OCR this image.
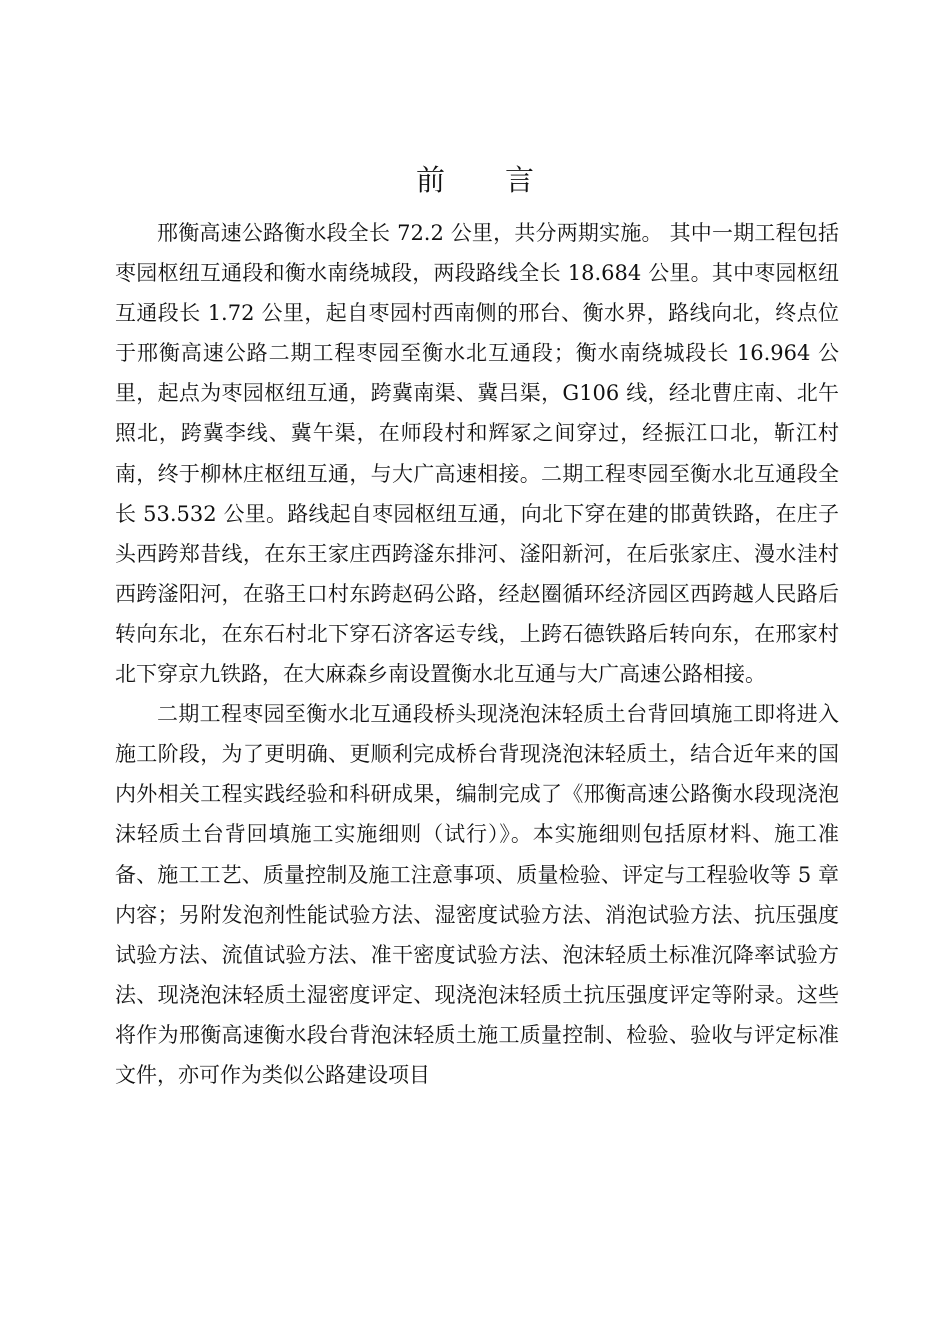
前 言

邢衡高速公路衡水段全长 72.2 公里，共分两期实施。 其中一期工程包括枣园枢纽互通段和衡水南绕城段，两段路线全长 18.684 公里。其中枣园枢纽互通段长 1.72 公里，起自枣园村西南侧的邢台、衡水界，路线向北，终点位于邢衡高速公路二期工程枣园至衡水北互通段；衡水南绕城段长 16.964 公里，起点为枣园枢纽互通，跨冀南渠、冀吕渠，G106 线，经北曹庄南、北午照北，跨冀李线、冀午渠，在师段村和辉冢之间穿过，经振江口北，靳江村南，终于柳林庄枢纽互通，与大广高速相接。二期工程枣园至衡水北互通段全长 53.532 公里。路线起自枣园枢纽互通，向北下穿在建的邯黄铁路，在庄子头西跨郑昔线，在东王家庄西跨滏东排河、滏阳新河，在后张家庄、漫水洼村西跨滏阳河，在骆王口村东跨赵码公路，经赵圈循环经济园区西跨越人民路后转向东北，在东石村北下穿石济客运专线，上跨石德铁路后转向东，在邢家村北下穿京九铁路，在大麻森乡南设置衡水北互通与大广高速公路相接。

二期工程枣园至衡水北互通段桥头现浇泡沫轻质土台背回填施工即将进入施工阶段，为了更明确、更顺利完成桥台背现浇泡沫轻质土，结合近年来的国内外相关工程实践经验和科研成果，编制完成了《邢衡高速公路衡水段现浇泡沫轻质土台背回填施工实施细则（试行）》。本实施细则包括原材料、施工准备、施工工艺、质量控制及施工注意事项、质量检验、评定与工程验收等 5 章内容；另附发泡剂性能试验方法、湿密度试验方法、消泡试验方法、抗压强度试验方法、流值试验方法、准干密度试验方法、泡沫轻质土标准沉降率试验方法、现浇泡沫轻质土湿密度评定、现浇泡沫轻质土抗压强度评定等附录。这些将作为邢衡高速衡水段台背泡沫轻质土施工质量控制、检验、验收与评定标准文件，亦可作为类似公路建设项目
